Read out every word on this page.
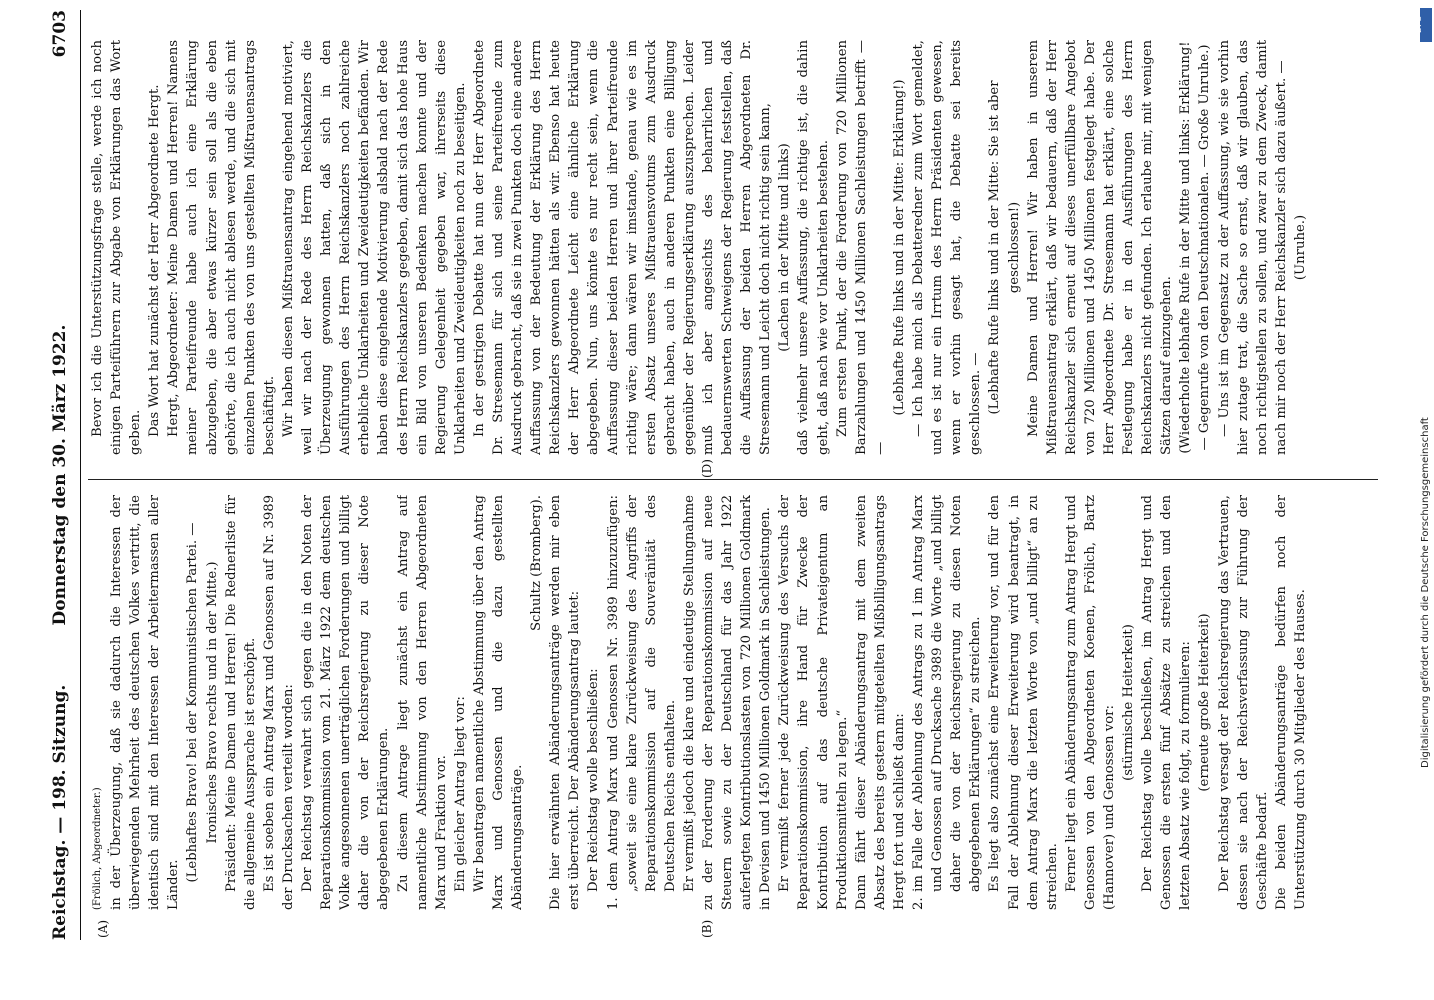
Reichstag. — 198. Sitzung.
Donnerstag den 30. März 1922.
6703
(A)	(B)
(D)

(Frölich, Abgeordneter.) in der Überzeugung, daß sie dadurch die Interessen der überwiegenden Mehrheit des deutschen Volkes vertritt, die identisch sind mit den Interessen der Arbeitermassen aller Länder.

(Lebhaftes Bravo! bei der Kommunistischen Partei. — Ironisches Bravo rechts und in der Mitte.) Präsident: Meine Damen und Herren! Die Rednerliste für die allgemeine Aussprache ist erschöpft. Es ist soeben ein Antrag Marx und Genossen auf Nr. 3989 der Drucksachen verteilt worden: Der Reichstag verwahrt sich gegen die in den Noten der Reparationskommission vom 21. März 1922 dem deutschen Volke angesonnenen unerträglichen Forderungen und billigt daher die von der Reichsregierung zu dieser Note abgegebenen Erklärungen. Zu diesem Antrage liegt zunächst ein Antrag auf namentliche Abstimmung von den Herren Abgeordneten Marx und Fraktion vor. Ein gleicher Antrag liegt vor: Wir beantragen namentliche Abstimmung über den Antrag Marx und Genossen und die dazu gestellten Abänderungsanträge.

Schultz (Bromberg). Die hier erwähnten Abänderungsanträge werden mir eben erst überreicht. Der Abänderungsantrag lautet: Der Reichstag wolle beschließen: 1. dem Antrag Marx und Genossen Nr. 3989 hinzuzufügen: „soweit sie eine klare Zurückweisung des Angriffs der Reparationskommission auf die Souveränität des Deutschen Reichs enthalten. Er vermißt jedoch die klare und eindeutige Stellungnahme zu der Forderung der Reparationskommission auf neue Steuern sowie zu der Deutschland für das Jahr 1922 auferlegten Kontributionslasten von 720 Millionen Goldmark in Devisen und 1450 Millionen Goldmark in Sachleistungen. Er vermißt ferner jede Zurückweisung des Versuchs der Reparationskommission, ihre Hand für Zwecke der Kontribution auf das deutsche Privateigentum an Produktionsmitteln zu legen.“ Dann fährt dieser Abänderungsantrag mit dem zweiten Absatz des bereits gestern mitgeteilten Mißbilligungsantrags Hergt fort und schließt dann: 2. im Falle der Ablehnung des Antrags zu 1 im Antrag Marx und Genossen auf Drucksache 3989 die Worte „und billigt daher die von der Reichsregierung zu diesen Noten abgegebenen Erklärungen“ zu streichen. Es liegt also zunächst eine Erweiterung vor, und für den Fall der Ablehnung dieser Erweiterung wird beantragt, in dem Antrag Marx die letzten Worte von „und billigt“ an zu streichen. Ferner liegt ein Abänderungsantrag zum Antrag Hergt und Genossen von den Abgeordneten Koenen, Frölich, Bartz (Hannover) und Genossen vor:

(stürmische Heiterkeit) Der Reichstag wolle beschließen, im Antrag Hergt und Genossen die ersten fünf Absätze zu streichen und den letzten Absatz wie folgt, zu formulieren: (erneute große Heiterkeit) Der Reichstag versagt der Reichsregierung das Vertrauen, dessen sie nach der Reichsverfassung zur Führung der Geschäfte bedarf. Die beiden Abänderungsanträge bedürfen noch der Unterstützung durch 30 Mitglieder des Hauses.

Bevor ich die Unterstützungsfrage stelle, werde ich noch einigen Parteiführern zur Abgabe von Erklärungen das Wort geben. Das Wort hat zunächst der Herr Abgeordnete Hergt. Hergt, Abgeordneter: Meine Damen und Herren! Namens meiner Parteifreunde habe auch ich eine Erklärung abzugeben, die aber etwas kürzer sein soll als die eben gehörte, die ich auch nicht ablesen werde, und die sich mit einzelnen Punkten des von uns gestellten Mißtrauensantrags beschäftigt. Wir haben diesen Mißtrauensantrag eingehend motiviert, weil wir nach der Rede des Herrn Reichskanzlers die Überzeugung gewonnen hatten, daß sich in den Ausführungen des Herrn Reichskanzlers noch zahlreiche erhebliche Unklarheiten und Zweideutigkeiten befänden. Wir haben diese eingehende Motivierung alsbald nach der Rede des Herrn Reichskanzlers gegeben, damit sich das hohe Haus ein Bild von unseren Bedenken machen konnte und der Regierung Gelegenheit gegeben war, ihrerseits diese Unklarheiten und Zweideutigkeiten noch zu beseitigen. In der gestrigen Debatte hat nun der Herr Abgeordnete Dr. Stresemann für sich und seine Parteifreunde zum Ausdruck gebracht, daß sie in zwei Punkten doch eine andere Auffassung von der Bedeutung der Erklärung des Herrn Reichskanzlers gewonnen hätten als wir. Ebenso hat heute der Herr Abgeordnete Leicht eine ähnliche Erklärung abgegeben. Nun, uns könnte es nur recht sein, wenn die Auffassung dieser beiden Herren und ihrer Parteifreunde richtig wäre; dann wären wir imstande, genau wie es im ersten Absatz unseres Mißtrauensvotums zum Ausdruck gebracht haben, auch in anderen Punkten eine Billigung gegenüber der Regierungserklärung auszusprechen. Leider muß ich aber angesichts des beharrlichen und bedauernswerten Schweigens der Regierung feststellen, daß die Auffassung der beiden Herren Abgeordneten Dr. Stresemann und Leicht doch nicht richtig sein kann, (Lachen in der Mitte und links) daß vielmehr unsere Auffassung, die richtige ist, die dahin geht, daß nach wie vor Unklarheiten bestehen. Zum ersten Punkt, der die Forderung von 720 Millionen Barzahlungen und 1450 Millionen Sachleistungen betrifft — —

(Lebhafte Rufe links und in der Mitte: Erklärung!) — Ich habe mich als Debatteredner zum Wort gemeldet, und es ist nur ein Irrtum des Herrn Präsidenten gewesen, wenn er vorhin gesagt hat, die Debatte sei bereits geschlossen. — (Lebhafte Rufe links und in der Mitte: Sie ist aber geschlossen!) Meine Damen und Herren! Wir haben in unserem Mißtrauensantrag erklärt, daß wir bedauern, daß der Herr Reichskanzler sich erneut auf dieses unerfüllbare Angebot von 720 Millionen und 1450 Millionen festgelegt habe. Der Herr Abgeordnete Dr. Stresemann hat erklärt, eine solche Festlegung habe er in den Ausführungen des Herrn Reichskanzlers nicht gefunden. Ich erlaube mir, mit wenigen Sätzen darauf einzugehen. (Wiederholte lebhafte Rufe in der Mitte und links: Erklärung! — Gegenrufe von den Deutschnationalen. — Große Unruhe.) — Uns ist im Gegensatz zu der Auffassung, wie sie vorhin hier zutage trat, die Sache so ernst, daß wir glauben, das noch richtigstellen zu sollen, und zwar zu dem Zweck, damit nach mir noch der Herr Reichskanzler sich dazu äußert. — (Unruhe.)

DFG
Digitalisierung gefördert durch die Deutsche Forschungsgemeinschaft
